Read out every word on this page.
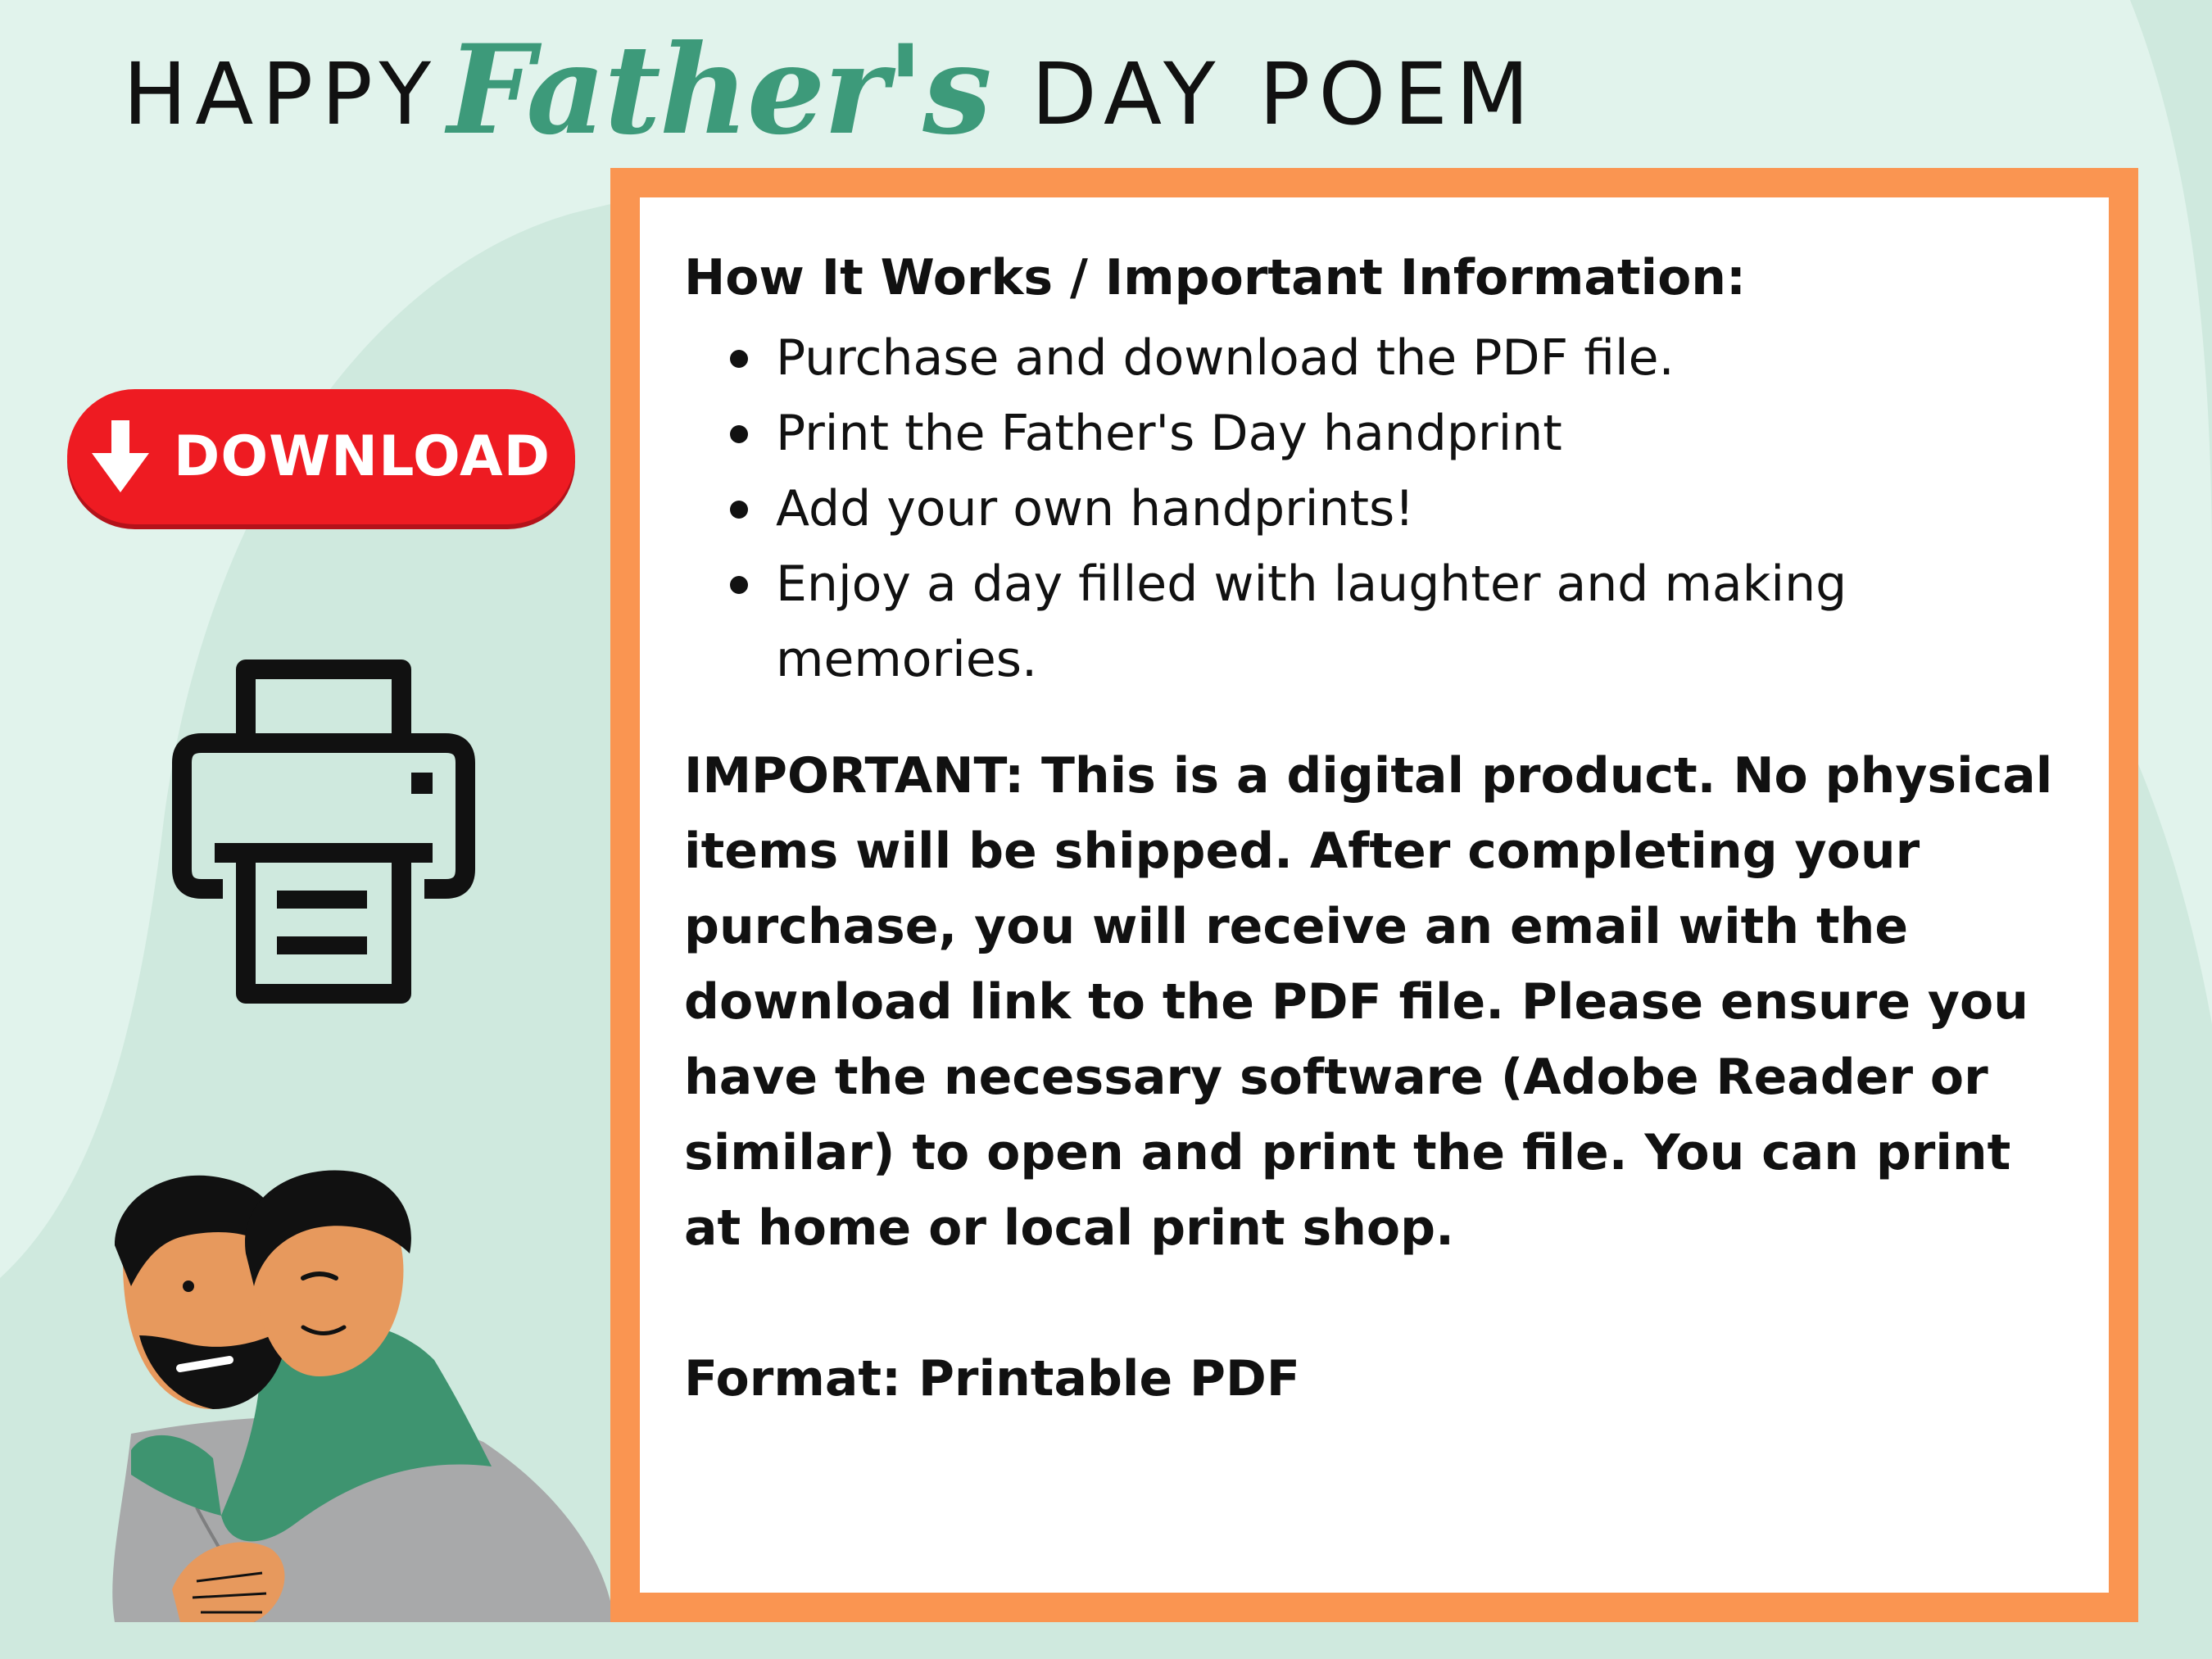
HAPPY Father's DAY POEM
DOWNLOAD

How It Works / Important Information:

Purchase and download the PDF file.
Print the Father's Day handprint
Add your own handprints!
Enjoy a day filled with laughter and making memories.

IMPORTANT: This is a digital product. No physical items will be shipped. After completing your purchase, you will receive an email with the download link to the PDF file. Please ensure you have the necessary software (Adobe Reader or similar) to open and print the file. You can print at home or local print shop.

Format: Printable PDF
